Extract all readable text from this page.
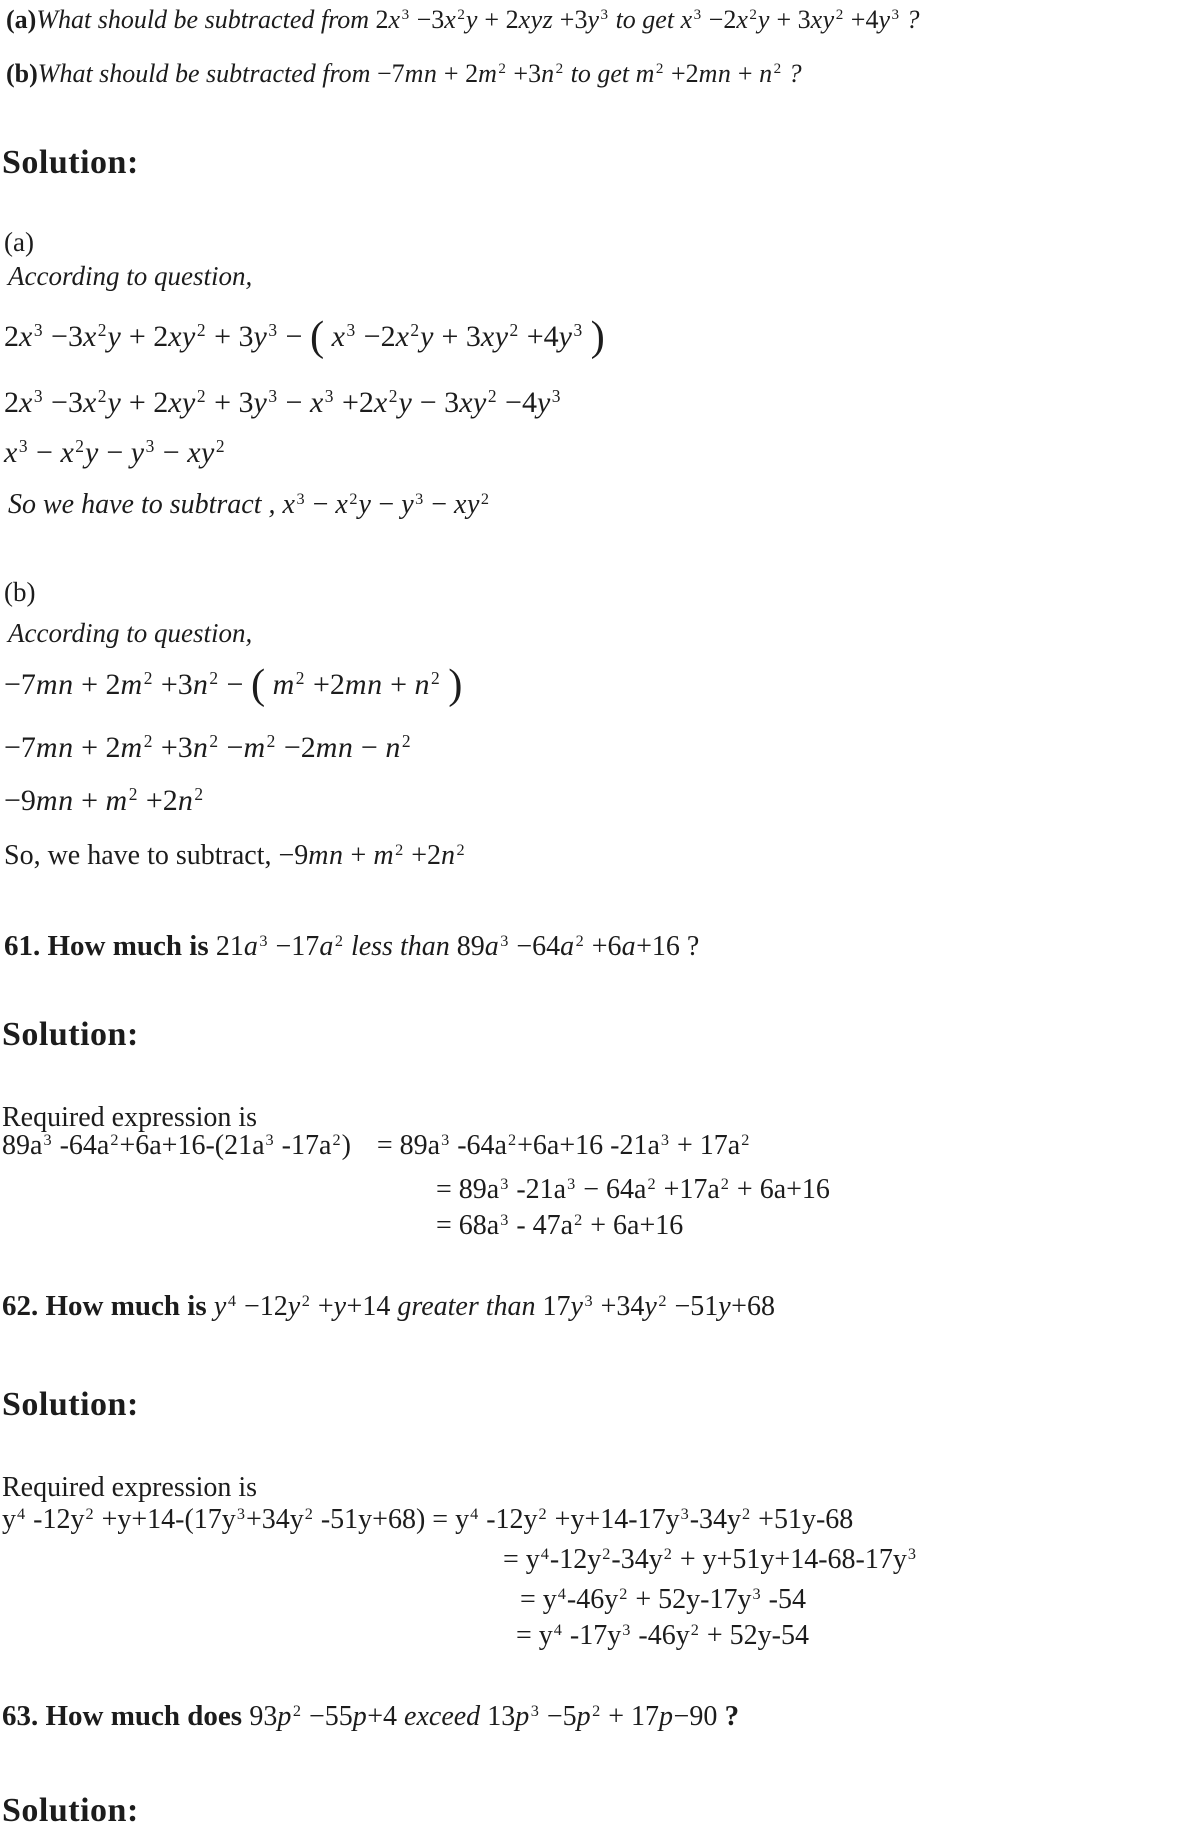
(a)What should be subtracted from $2x^3 -3x^2y + 2xyz +3y^3$ to get $x^3 -2x^2y + 3xy^2 +4y^3$ ?
(b)What should be subtracted from $-7mn + 2m^2 +3n^2$ to get $m^2 +2mn + n^2$ ?
Solution:
(a)
According to question,
$2x^3 -3x^2y + 2xy^2 + 3y^3$ − ( $x^3 -2x^2y + 3xy^2 +4y^3$ )
$2x^3 -3x^2y + 2xy^2 + 3y^3 - x^3 +2x^2y - 3xy^2 -4y^3$
$x^3 - x^2y - y^3 - xy^2$
So we have to subtract , $x^3 - x^2y - y^3 - xy^2$
(b)
According to question,
$-7mn + 2m^2 +3n^2$ − ( $m^2 +2mn + n^2$ )
$-7mn + 2m^2 +3n^2 -m^2 -2mn - n^2$
$-9mn + m^2 +2n^2$
So, we have to subtract, $-9mn + m^2 +2n^2$
61. How much is $21a^3 -17a^2$ less than $89a^3 -64a^2 +6a+16$ ?
Solution:
Required expression is
$89a^3$ $-64a^2+6a+16-(21a^3$ $-17a^2) = 89a^3$ $-64a^2+6a+16$ $-21a^3 + 17a^2$
= $89a^3$ $-21a^3 - 64a^2 +17a^2 + 6a+16$
= $68a^3 - 47a^2 + 6a+16$
62. How much is $y^4 -12y^2 +y+14$ greater than $17y^3 +34y^2 -51y+68$
Solution:
Required expression is
$y^4$ $-12y^2 +y+14-(17y^3+34y^2$ $-51y+68) = y^4$ $-12y^2 +y+14-17y^3-34y^2 +51y-68$
= $y^4-12y^2-34y^2 + y+51y+14-68-17y^3$
= $y^4-46y^2 + 52y-17y^3$ -54
= $y^4$ $-17y^3$ $-46y^2 + 52y-54$
63. How much does $93p^2 -55p+4$ exceed $13p^3 -5p^2 + 17p-90$ ?
Solution:
